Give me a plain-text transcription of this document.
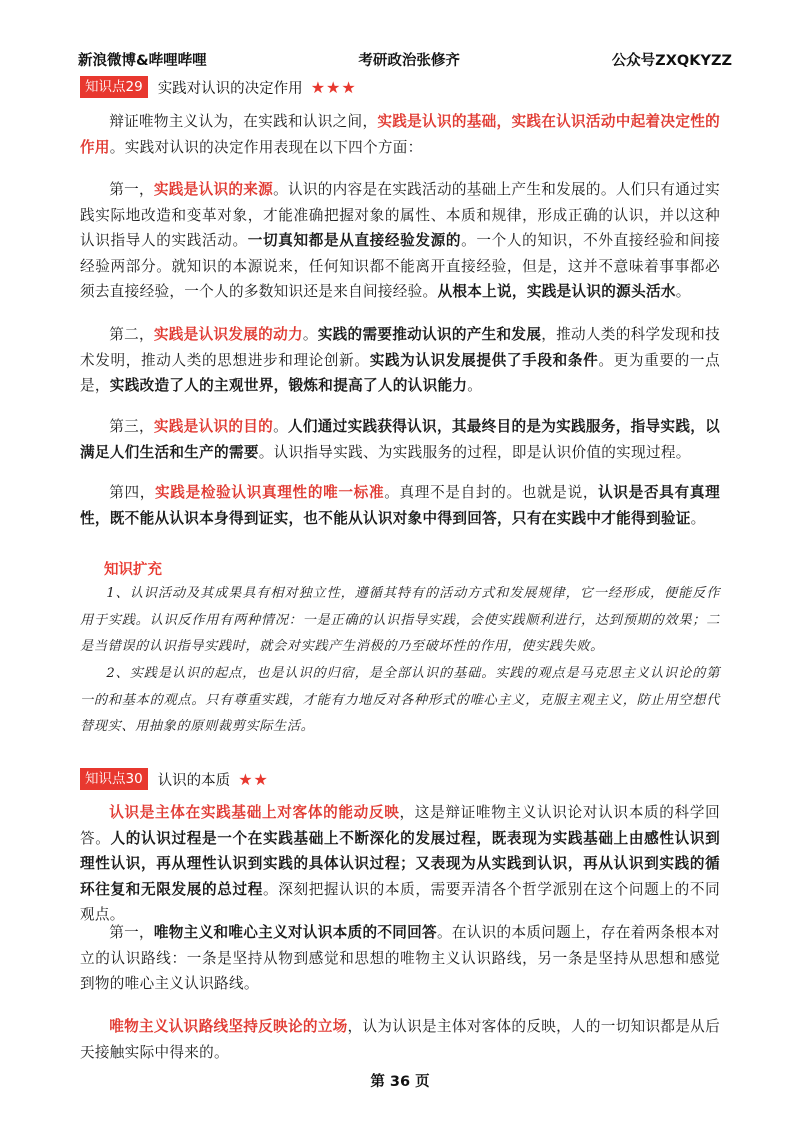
新浪微博&哔哩哔哩	考研政治张修齐	公众号ZXQKYZZ
知识点29	实践对认识的决定作用 ★★★
辩证唯物主义认为，在实践和认识之间，实践是认识的基础，实践在认识活动中起着决定性的作用。实践对认识的决定作用表现在以下四个方面：
第一，实践是认识的来源。认识的内容是在实践活动的基础上产生和发展的。人们只有通过实践实际地改造和变革对象，才能准确把握对象的属性、本质和规律，形成正确的认识，并以这种认识指导人的实践活动。一切真知都是从直接经验发源的。一个人的知识，不外直接经验和间接经验两部分。就知识的本源说来，任何知识都不能离开直接经验，但是，这并不意味着事事都必须去直接经验，一个人的多数知识还是来自间接经验。从根本上说，实践是认识的源头活水。
第二，实践是认识发展的动力。实践的需要推动认识的产生和发展，推动人类的科学发现和技术发明，推动人类的思想进步和理论创新。实践为认识发展提供了手段和条件。更为重要的一点是，实践改造了人的主观世界，锻炼和提高了人的认识能力。
第三，实践是认识的目的。人们通过实践获得认识，其最终目的是为实践服务，指导实践，以满足人们生活和生产的需要。认识指导实践、为实践服务的过程，即是认识价值的实现过程。
第四，实践是检验认识真理性的唯一标准。真理不是自封的。也就是说，认识是否具有真理性，既不能从认识本身得到证实，也不能从认识对象中得到回答，只有在实践中才能得到验证。
知识扩充
1、认识活动及其成果具有相对独立性，遵循其特有的活动方式和发展规律，它一经形成，便能反作用于实践。认识反作用有两种情况：一是正确的认识指导实践，会使实践顺利进行，达到预期的效果；二是当错误的认识指导实践时，就会对实践产生消极的乃至破坏性的作用，使实践失败。
2、实践是认识的起点，也是认识的归宿，是全部认识的基础。实践的观点是马克思主义认识论的第一的和基本的观点。只有尊重实践，才能有力地反对各种形式的唯心主义，克服主观主义，防止用空想代替现实、用抽象的原则裁剪实际生活。
知识点30	认识的本质 ★★
认识是主体在实践基础上对客体的能动反映，这是辩证唯物主义认识论对认识本质的科学回答。人的认识过程是一个在实践基础上不断深化的发展过程，既表现为实践基础上由感性认识到理性认识，再从理性认识到实践的具体认识过程；又表现为从实践到认识，再从认识到实践的循环往复和无限发展的总过程。深刻把握认识的本质，需要弄清各个哲学派别在这个问题上的不同观点。
第一，唯物主义和唯心主义对认识本质的不同回答。在认识的本质问题上，存在着两条根本对立的认识路线：一条是坚持从物到感觉和思想的唯物主义认识路线，另一条是坚持从思想和感觉到物的唯心主义认识路线。
唯物主义认识路线坚持反映论的立场，认为认识是主体对客体的反映，人的一切知识都是从后天接触实际中得来的。
第 36 页
